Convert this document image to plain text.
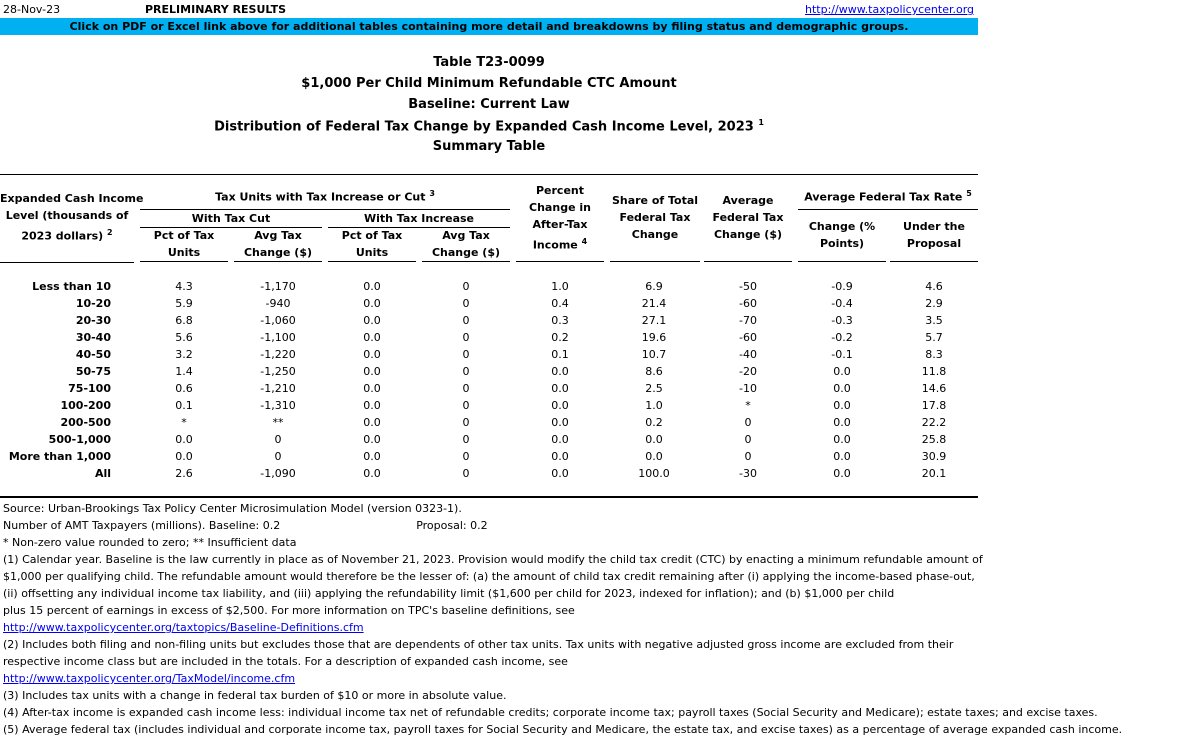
28-Nov-23	PRELIMINARY RESULTS	http://www.taxpolicycenter.org
Click on PDF or Excel link above for additional tables containing more detail and breakdowns by filing status and demographic groups.
Table T23-0099
$1,000 Per Child Minimum Refundable CTC Amount
Baseline: Current Law
Distribution of Federal Tax Change by Expanded Cash Income Level, 2023 $^1$
Summary Table
Expanded Cash Income
Level (thousands of
2023 dollars) $^2$
Tax Units with Tax Increase or Cut $^3$
With Tax Cut	With Tax Increase
Pct of Tax
Units
Avg Tax
Change ($)
Pct of Tax
Units
Avg Tax
Change ($)
Percent
Change in
After-Tax
Income $^4$
Share of Total
Federal Tax
Change
Average
Federal Tax
Change ($)
Average Federal Tax Rate $^5$
Change (%
Points)
Under the
Proposal
Less than 10	4.3	-1,170	0.0	0	1.0	6.9	-50	-0.9	4.6
10-20	5.9	-940	0.0	0	0.4	21.4	-60	-0.4	2.9
20-30	6.8	-1,060	0.0	0	0.3	27.1	-70	-0.3	3.5
30-40	5.6	-1,100	0.0	0	0.2	19.6	-60	-0.2	5.7
40-50	3.2	-1,220	0.0	0	0.1	10.7	-40	-0.1	8.3
50-75	1.4	-1,250	0.0	0	0.0	8.6	-20	0.0	11.8
75-100	0.6	-1,210	0.0	0	0.0	2.5	-10	0.0	14.6
100-200	0.1	-1,310	0.0	0	0.0	1.0	*	0.0	17.8
200-500	*	**	0.0	0	0.0	0.2	0	0.0	22.2
500-1,000	0.0	0	0.0	0	0.0	0.0	0	0.0	25.8
More than 1,000	0.0	0	0.0	0	0.0	0.0	0	0.0	30.9
All	2.6	-1,090	0.0	0	0.0	100.0	-30	0.0	20.1
Source: Urban-Brookings Tax Policy Center Microsimulation Model (version 0323-1).
Number of AMT Taxpayers (millions). Baseline: 0.2	Proposal: 0.2
* Non-zero value rounded to zero; ** Insufficient data
(1) Calendar year. Baseline is the law currently in place as of November 21, 2023. Provision would modify the child tax credit (CTC) by enacting a minimum refundable amount of
$1,000 per qualifying child. The refundable amount would therefore be the lesser of: (a) the amount of child tax credit remaining after (i) applying the income-based phase-out,
(ii) offsetting any individual income tax liability, and (iii) applying the refundability limit ($1,600 per child for 2023, indexed for inflation); and (b) $1,000 per child
plus 15 percent of earnings in excess of $2,500. For more information on TPC's baseline definitions, see
http://www.taxpolicycenter.org/taxtopics/Baseline-Definitions.cfm
(2) Includes both filing and non-filing units but excludes those that are dependents of other tax units. Tax units with negative adjusted gross income are excluded from their
respective income class but are included in the totals. For a description of expanded cash income, see
http://www.taxpolicycenter.org/TaxModel/income.cfm
(3) Includes tax units with a change in federal tax burden of $10 or more in absolute value.
(4) After-tax income is expanded cash income less: individual income tax net of refundable credits; corporate income tax; payroll taxes (Social Security and Medicare); estate taxes; and excise taxes.
(5) Average federal tax (includes individual and corporate income tax, payroll taxes for Social Security and Medicare, the estate tax, and excise taxes) as a percentage of average expanded cash income.
